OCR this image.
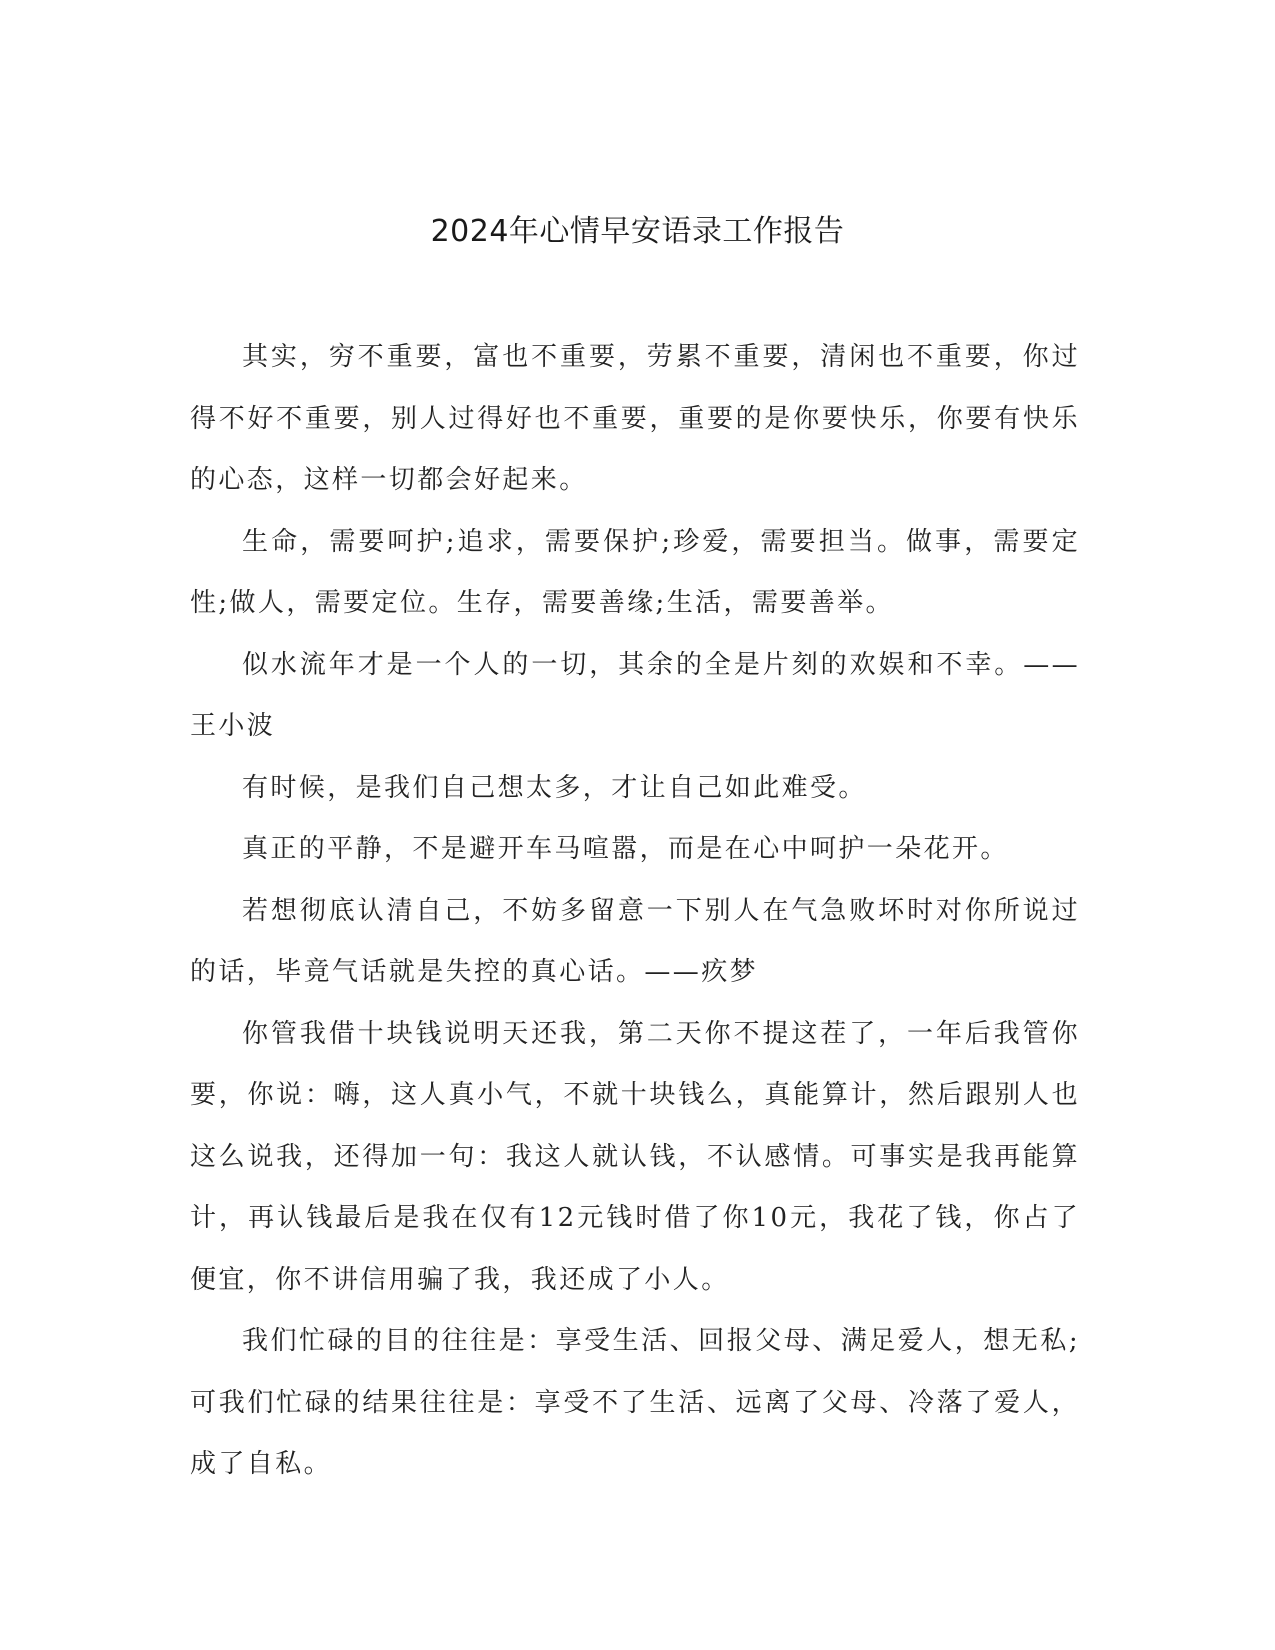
2024年心情早安语录工作报告

其实，穷不重要，富也不重要，劳累不重要，清闲也不重要，你过得不好不重要，别人过得好也不重要，重要的是你要快乐，你要有快乐的心态，这样一切都会好起来。

生命，需要呵护;追求，需要保护;珍爱，需要担当。做事，需要定性;做人，需要定位。生存，需要善缘;生活，需要善举。

似水流年才是一个人的一切，其余的全是片刻的欢娱和不幸。——王小波

有时候，是我们自己想太多，才让自己如此难受。

真正的平静，不是避开车马喧嚣，而是在心中呵护一朵花开。

若想彻底认清自己，不妨多留意一下别人在气急败坏时对你所说过的话，毕竟气话就是失控的真心话。——疚梦

你管我借十块钱说明天还我，第二天你不提这茬了，一年后我管你要，你说：嗨，这人真小气，不就十块钱么，真能算计，然后跟别人也这么说我，还得加一句：我这人就认钱，不认感情。可事实是我再能算计，再认钱最后是我在仅有12元钱时借了你10元，我花了钱，你占了便宜，你不讲信用骗了我，我还成了小人。

我们忙碌的目的往往是：享受生活、回报父母、满足爱人，想无私;可我们忙碌的结果往往是：享受不了生活、远离了父母、冷落了爱人，成了自私。
